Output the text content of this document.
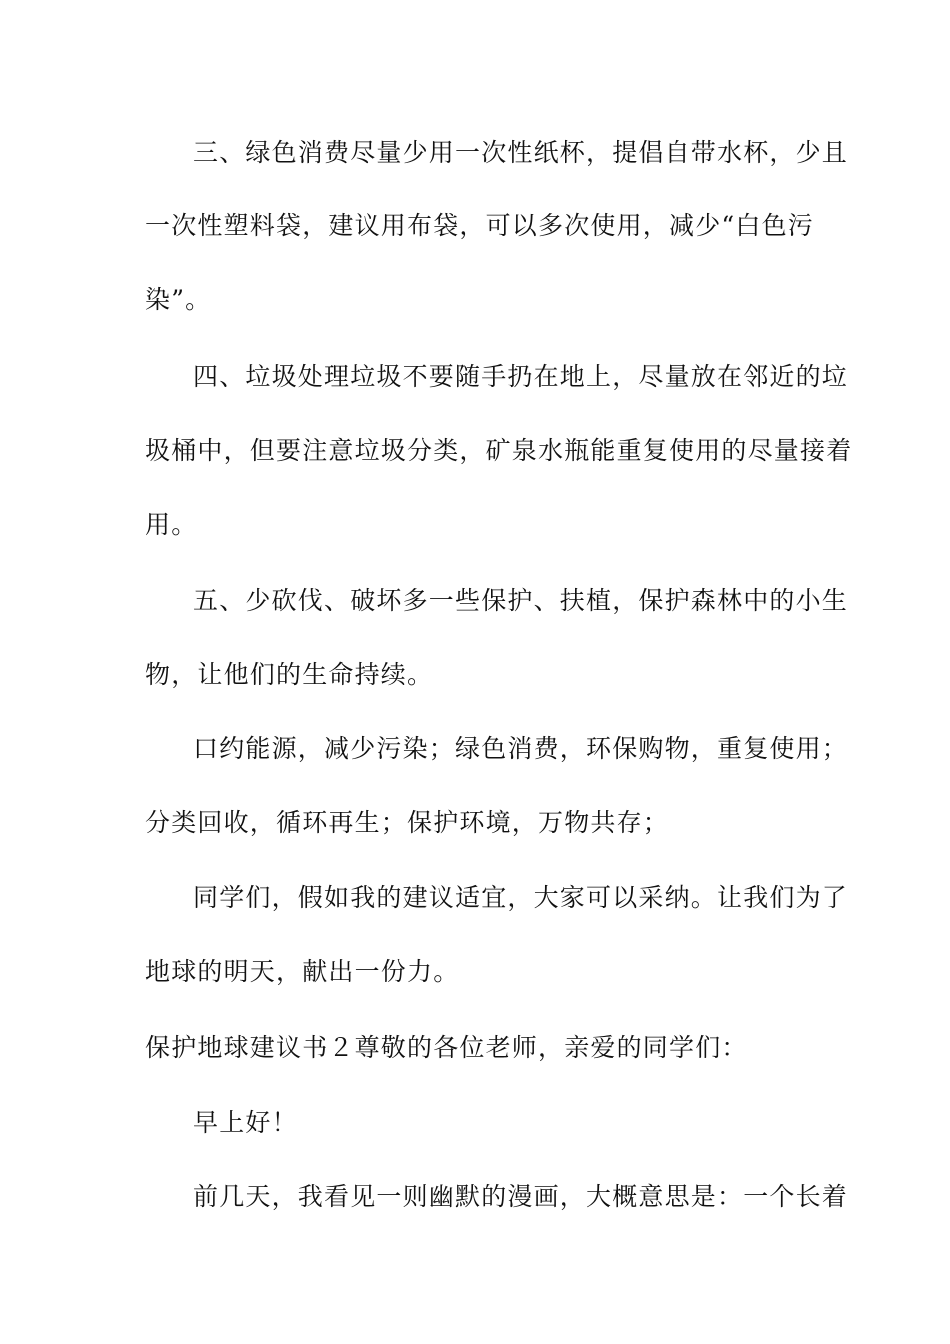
三、绿色消费尽量少用一次性纸杯，提倡自带水杯，少且
一次性塑料袋，建议用布袋，可以多次使用，减少“白色污
染”。
四、垃圾处理垃圾不要随手扔在地上，尽量放在邻近的垃
圾桶中，但要注意垃圾分类，矿泉水瓶能重复使用的尽量接着
用。
五、少砍伐、破坏多一些保护、扶植，保护森林中的小生
物，让他们的生命持续。
口约能源，减少污染；绿色消费，环保购物，重复使用；
分类回收，循环再生；保护环境，万物共存；
同学们，假如我的建议适宜，大家可以采纳。让我们为了
地球的明天，献出一份力。
保护地球建议书２尊敬的各位老师，亲爱的同学们：
早上好！
前几天，我看见一则幽默的漫画，大概意思是：一个长着
